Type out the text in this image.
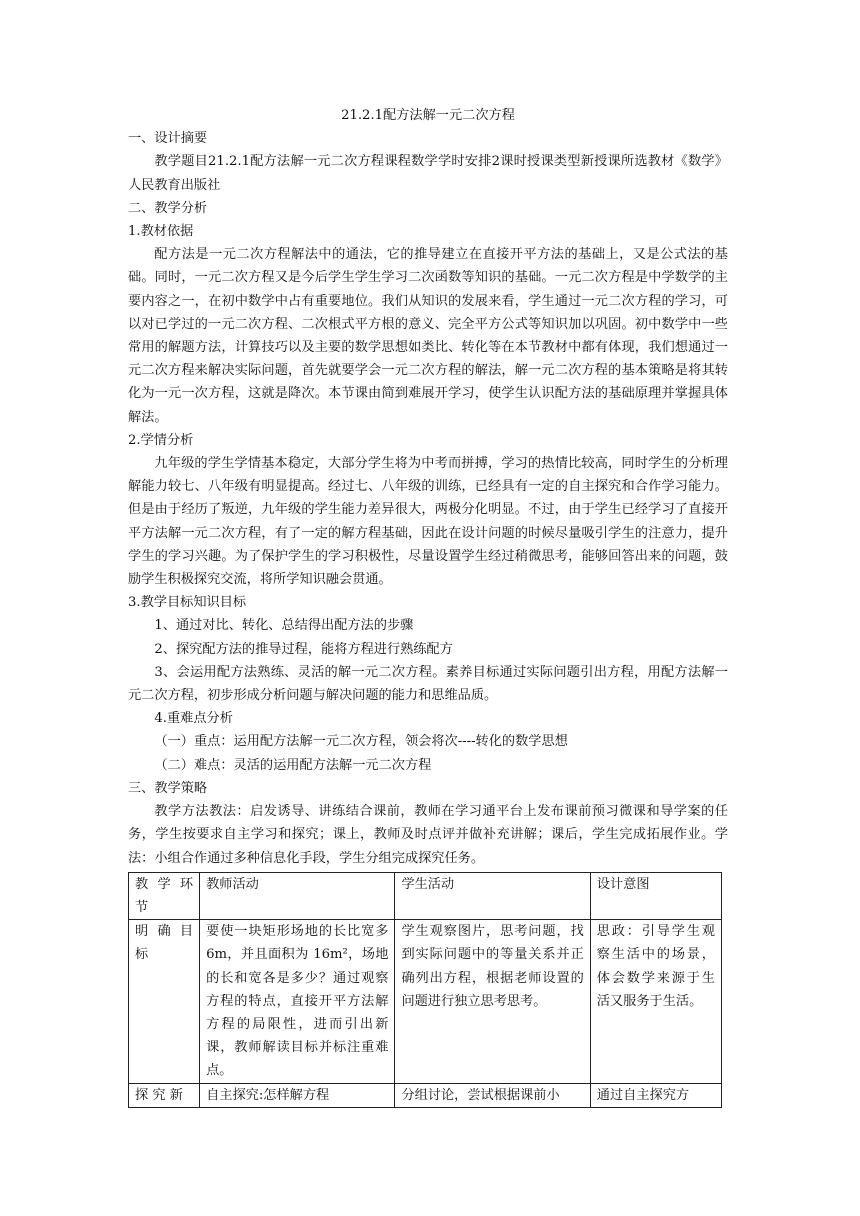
21.2.1配方法解一元二次方程

一、设计摘要

教学题目21.2.1配方法解一元二次方程课程数学学时安排2课时授课类型新授课所选教材《数学》人民教育出版社

二、教学分析

1.教材依据

配方法是一元二次方程解法中的通法，它的推导建立在直接开平方法的基础上，又是公式法的基础。同时，一元二次方程又是今后学生学生学习二次函数等知识的基础。一元二次方程是中学数学的主要内容之一，在初中数学中占有重要地位。我们从知识的发展来看，学生通过一元二次方程的学习，可以对已学过的一元二次方程、二次根式平方根的意义、完全平方公式等知识加以巩固。初中数学中一些常用的解题方法，计算技巧以及主要的数学思想如类比、转化等在本节教材中都有体现，我们想通过一元二次方程来解决实际问题，首先就要学会一元二次方程的解法，解一元二次方程的基本策略是将其转化为一元一次方程，这就是降次。本节课由简到难展开学习，使学生认识配方法的基础原理并掌握具体解法。

2.学情分析

九年级的学生学情基本稳定，大部分学生将为中考而拼搏，学习的热情比较高，同时学生的分析理解能力较七、八年级有明显提高。经过七、八年级的训练，已经具有一定的自主探究和合作学习能力。但是由于经历了叛逆，九年级的学生能力差异很大，两极分化明显。不过，由于学生已经学习了直接开平方法解一元二次方程，有了一定的解方程基础，因此在设计问题的时候尽量吸引学生的注意力，提升学生的学习兴趣。为了保护学生的学习积极性，尽量设置学生经过稍微思考，能够回答出来的问题，鼓励学生积极探究交流，将所学知识融会贯通。

3.教学目标知识目标

1、通过对比、转化、总结得出配方法的步骤

2、探究配方法的推导过程，能将方程进行熟练配方

3、会运用配方法熟练、灵活的解一元二次方程。素养目标通过实际问题引出方程，用配方法解一元二次方程，初步形成分析问题与解决问题的能力和思维品质。

4.重难点分析

（一）重点：运用配方法解一元二次方程，领会将次----转化的数学思想

（二）难点：灵活的运用配方法解一元二次方程

三、教学策略

教学方法教法：启发诱导、讲练结合课前，教师在学习通平台上发布课前预习微课和导学案的任务，学生按要求自主学习和探究；课上，教师及时点评并做补充讲解；课后，学生完成拓展作业。学法：小组合作通过多种信息化手段，学生分组完成探究任务。

教 学 环 节	教师活动	学生活动	设计意图
明 确 目 标	要使一块矩形场地的长比宽多6m，并且面积为 16m²，场地的长和宽各是多少？通过观察方程的特点，直接开平方法解方程的局限性，进而引出新课，教师解读目标并标注重难点。	学生观察图片，思考问题，找到实际问题中的等量关系并正确列出方程，根据老师设置的问题进行独立思考思考。	思政：引导学生观察生活中的场景，体会数学来源于生活又服务于生活。
探 究 新	自主探究:怎样解方程	分组讨论，尝试根据课前小	通过自主探究方
